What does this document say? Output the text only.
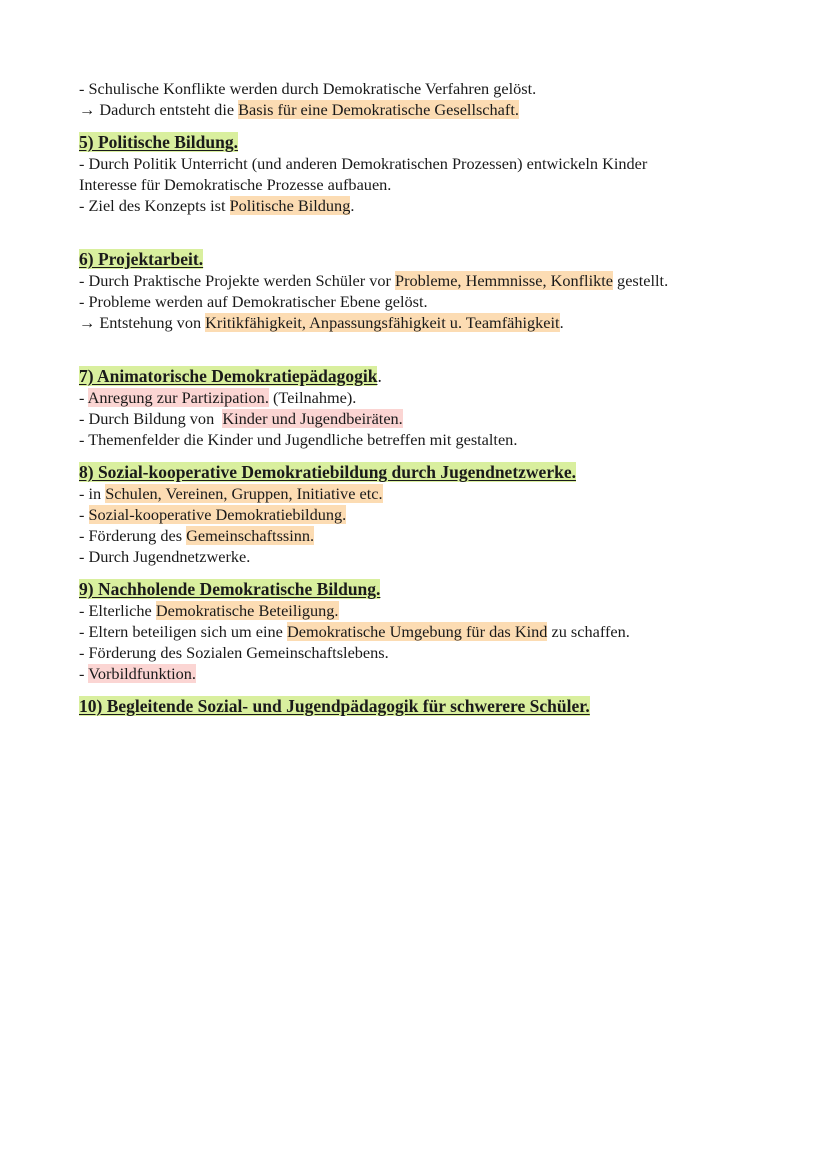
- Schulische Konflikte werden durch Demokratische Verfahren gelöst.
→ Dadurch entsteht die Basis für eine Demokratische Gesellschaft.
5) Politische Bildung.
- Durch Politik Unterricht (und anderen Demokratischen Prozessen) entwickeln Kinder
Interesse für Demokratische Prozesse aufbauen.
- Ziel des Konzepts ist Politische Bildung.
6) Projektarbeit.
- Durch Praktische Projekte werden Schüler vor Probleme, Hemmnisse, Konflikte gestellt.
- Probleme werden auf Demokratischer Ebene gelöst.
→ Entstehung von Kritikfähigkeit, Anpassungsfähigkeit u. Teamfähigkeit.
7) Animatorische Demokratiepädagogik.
- Anregung zur Partizipation. (Teilnahme).
- Durch Bildung von  Kinder und Jugendbeiräten.
- Themenfelder die Kinder und Jugendliche betreffen mit gestalten.
8) Sozial-kooperative Demokratiebildung durch Jugendnetzwerke.
- in Schulen, Vereinen, Gruppen, Initiative etc.
- Sozial-kooperative Demokratiebildung.
- Förderung des Gemeinschaftssinn.
- Durch Jugendnetzwerke.
9) Nachholende Demokratische Bildung.
- Elterliche Demokratische Beteiligung.
- Eltern beteiligen sich um eine Demokratische Umgebung für das Kind zu schaffen.
- Förderung des Sozialen Gemeinschaftslebens.
- Vorbildfunktion.
10) Begleitende Sozial- und Jugendpädagogik für schwerere Schüler.
